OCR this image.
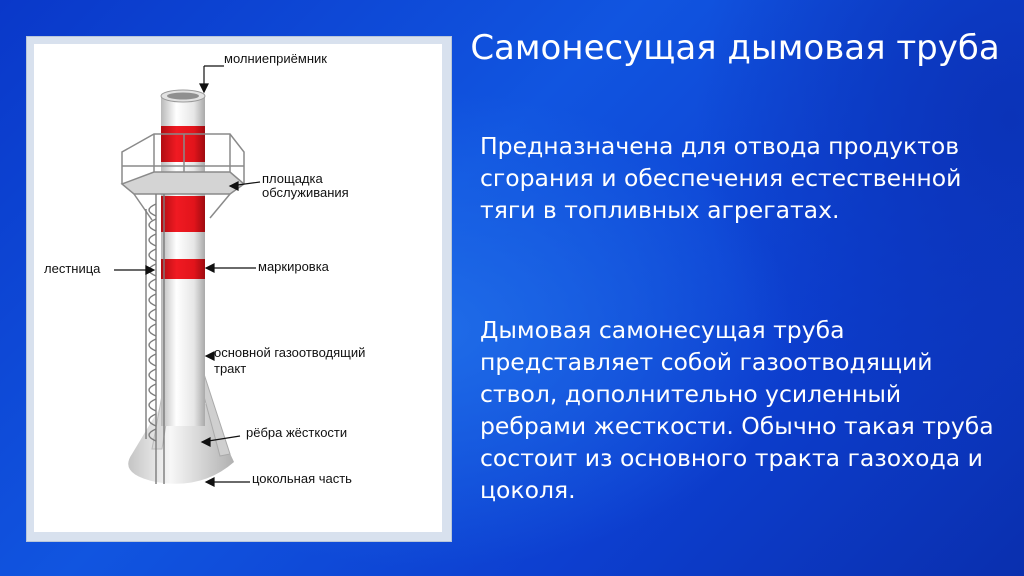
молниеприёмник
площадка
обслуживания
лестница	маркировка
основной газоотводящий
тракт
рёбра жёсткости
цокольная часть
Самонесущая дымовая труба

Предназначена для отвода продуктов сгорания и обеспечения естественной тяги в топливных агрегатах.

Дымовая самонесущая труба представляет собой газоотводящий ствол, дополнительно усиленный ребрами жесткости. Обычно такая труба состоит из основного тракта газохода и цоколя.
